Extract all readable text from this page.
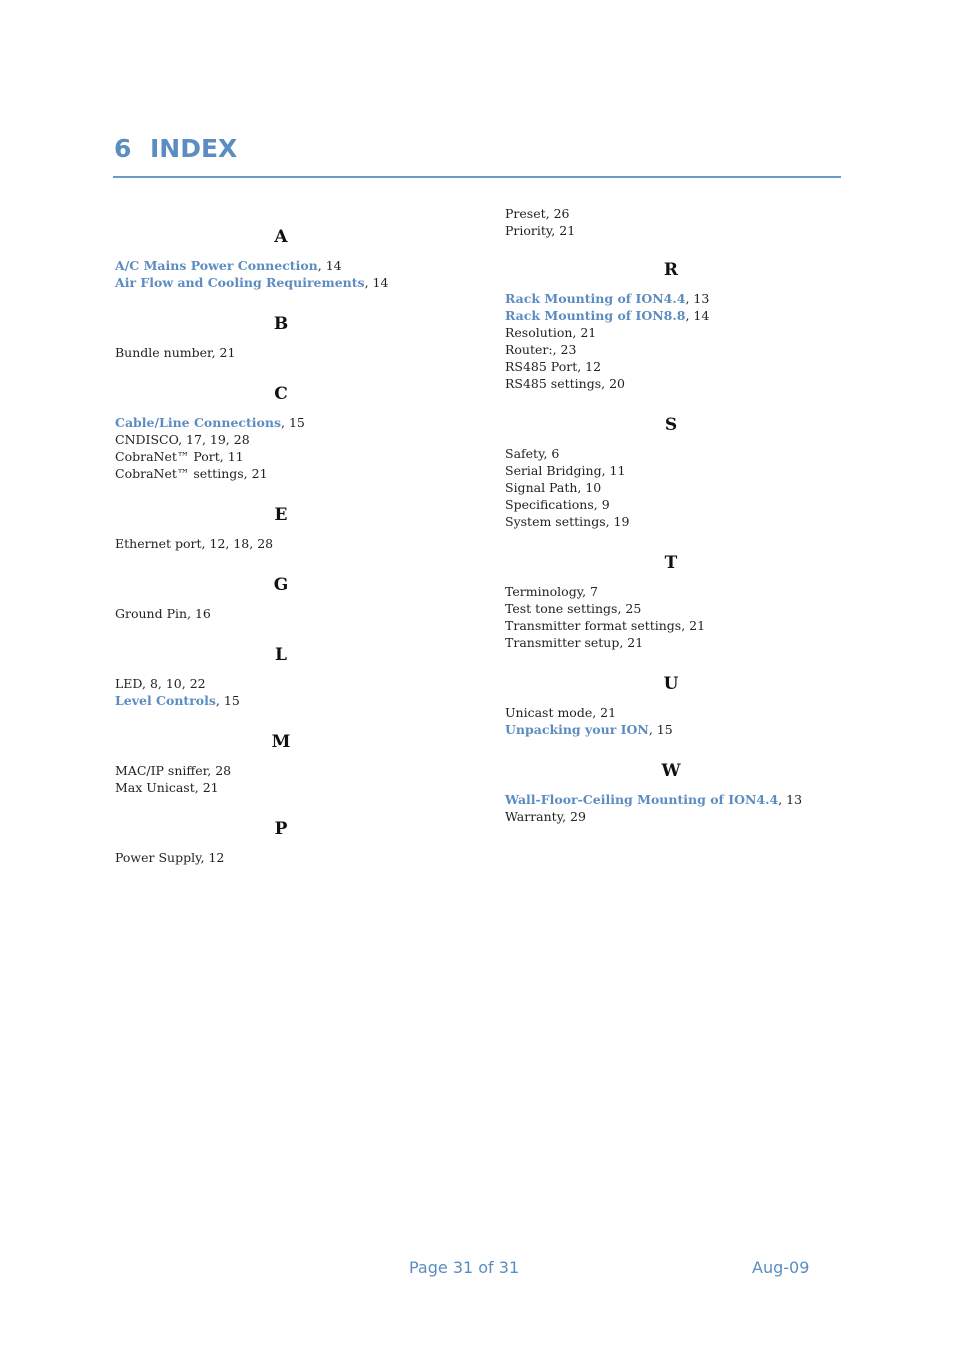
6 INDEX
A
A/C Mains Power Connection, 14
Air Flow and Cooling Requirements, 14
B
Bundle number, 21
C
Cable/Line Connections, 15
CNDISCO, 17, 19, 28
CobraNet™ Port, 11
CobraNet™ settings, 21
E
Ethernet port, 12, 18, 28
G
Ground Pin, 16
L
LED, 8, 10, 22
Level Controls, 15
M
MAC/IP sniffer, 28
Max Unicast, 21
P
Power Supply, 12
Preset, 26
Priority, 21
R
Rack Mounting of ION4.4, 13
Rack Mounting of ION8.8, 14
Resolution, 21
Router:, 23
RS485 Port, 12
RS485 settings, 20
S
Safety, 6
Serial Bridging, 11
Signal Path, 10
Specifications, 9
System settings, 19
T
Terminology, 7
Test tone settings, 25
Transmitter format settings, 21
Transmitter setup, 21
U
Unicast mode, 21
Unpacking your ION, 15
W
Wall-Floor-Ceiling Mounting of ION4.4, 13
Warranty, 29
Page 31 of 31	Aug-09
